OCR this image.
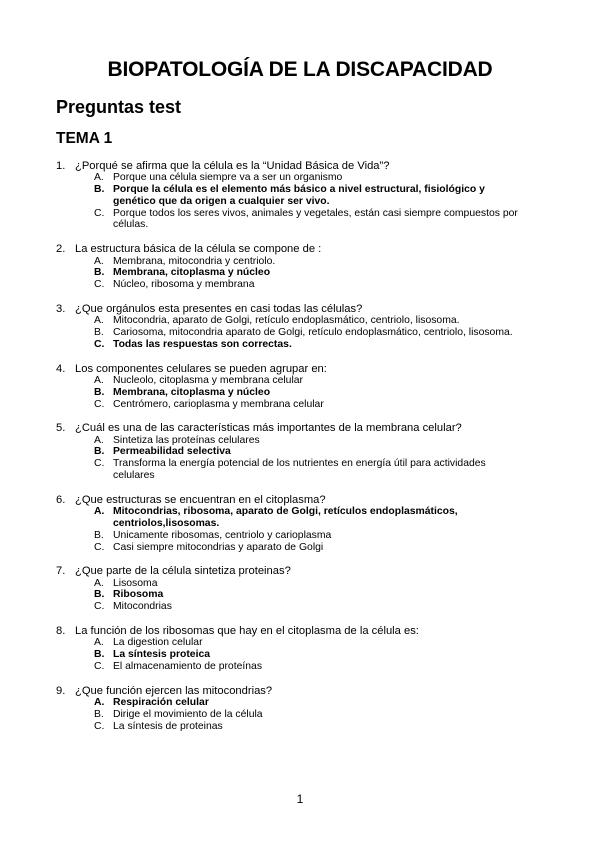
BIOPATOLOGÍA DE LA DISCAPACIDAD
Preguntas test
TEMA 1
1. ¿Porqué se afirma que la célula es la “Unidad Básica de Vida”?
A. Porque una célula siempre va a ser un organismo
B. Porque la célula es el elemento más básico a nivel estructural, fisiológico y genético que da origen a cualquier ser vivo.
C. Porque todos los seres vivos, animales y vegetales, están casi siempre compuestos por células.
2. La estructura básica de la célula se compone de :
A. Membrana, mitocondria y centriolo.
B. Membrana, citoplasma y núcleo
C. Núcleo, ribosoma y membrana
3. ¿Que orgánulos esta presentes en casi todas las células?
A. Mitocondria, aparato de Golgi, retículo endoplasmático, centriolo, lisosoma.
B. Cariosoma, mitocondria aparato de Golgi, retículo endoplasmático, centriolo, lisosoma.
C. Todas las respuestas son correctas.
4. Los componentes celulares se pueden agrupar en:
A. Nucleolo, citoplasma y membrana celular
B. Membrana, citoplasma y núcleo
C. Centrómero, carioplasma y membrana celular
5. ¿Cuál es una de las características más importantes de la membrana celular?
A. Sintetiza las proteínas celulares
B. Permeabilidad selectiva
C. Transforma la energía potencial de los nutrientes en energía útil para actividades celulares
6. ¿Que estructuras se encuentran en el citoplasma?
A. Mitocondrias, ribosoma, aparato de Golgi, retículos endoplasmáticos, centriolos,lisosomas.
B. Unicamente ribosomas, centriolo y carioplasma
C. Casi siempre mitocondrias y aparato de Golgi
7. ¿Que parte de la célula sintetiza proteinas?
A. Lisosoma
B. Ribosoma
C. Mitocondrias
8. La función de los ribosomas que hay en el citoplasma de la célula es:
A. La digestion celular
B. La síntesis proteica
C. El almacenamiento de proteínas
9. ¿Que función ejercen las mitocondrias?
A. Respiración celular
B. Dirige el movimiento de la célula
C. La síntesis de proteinas
1
